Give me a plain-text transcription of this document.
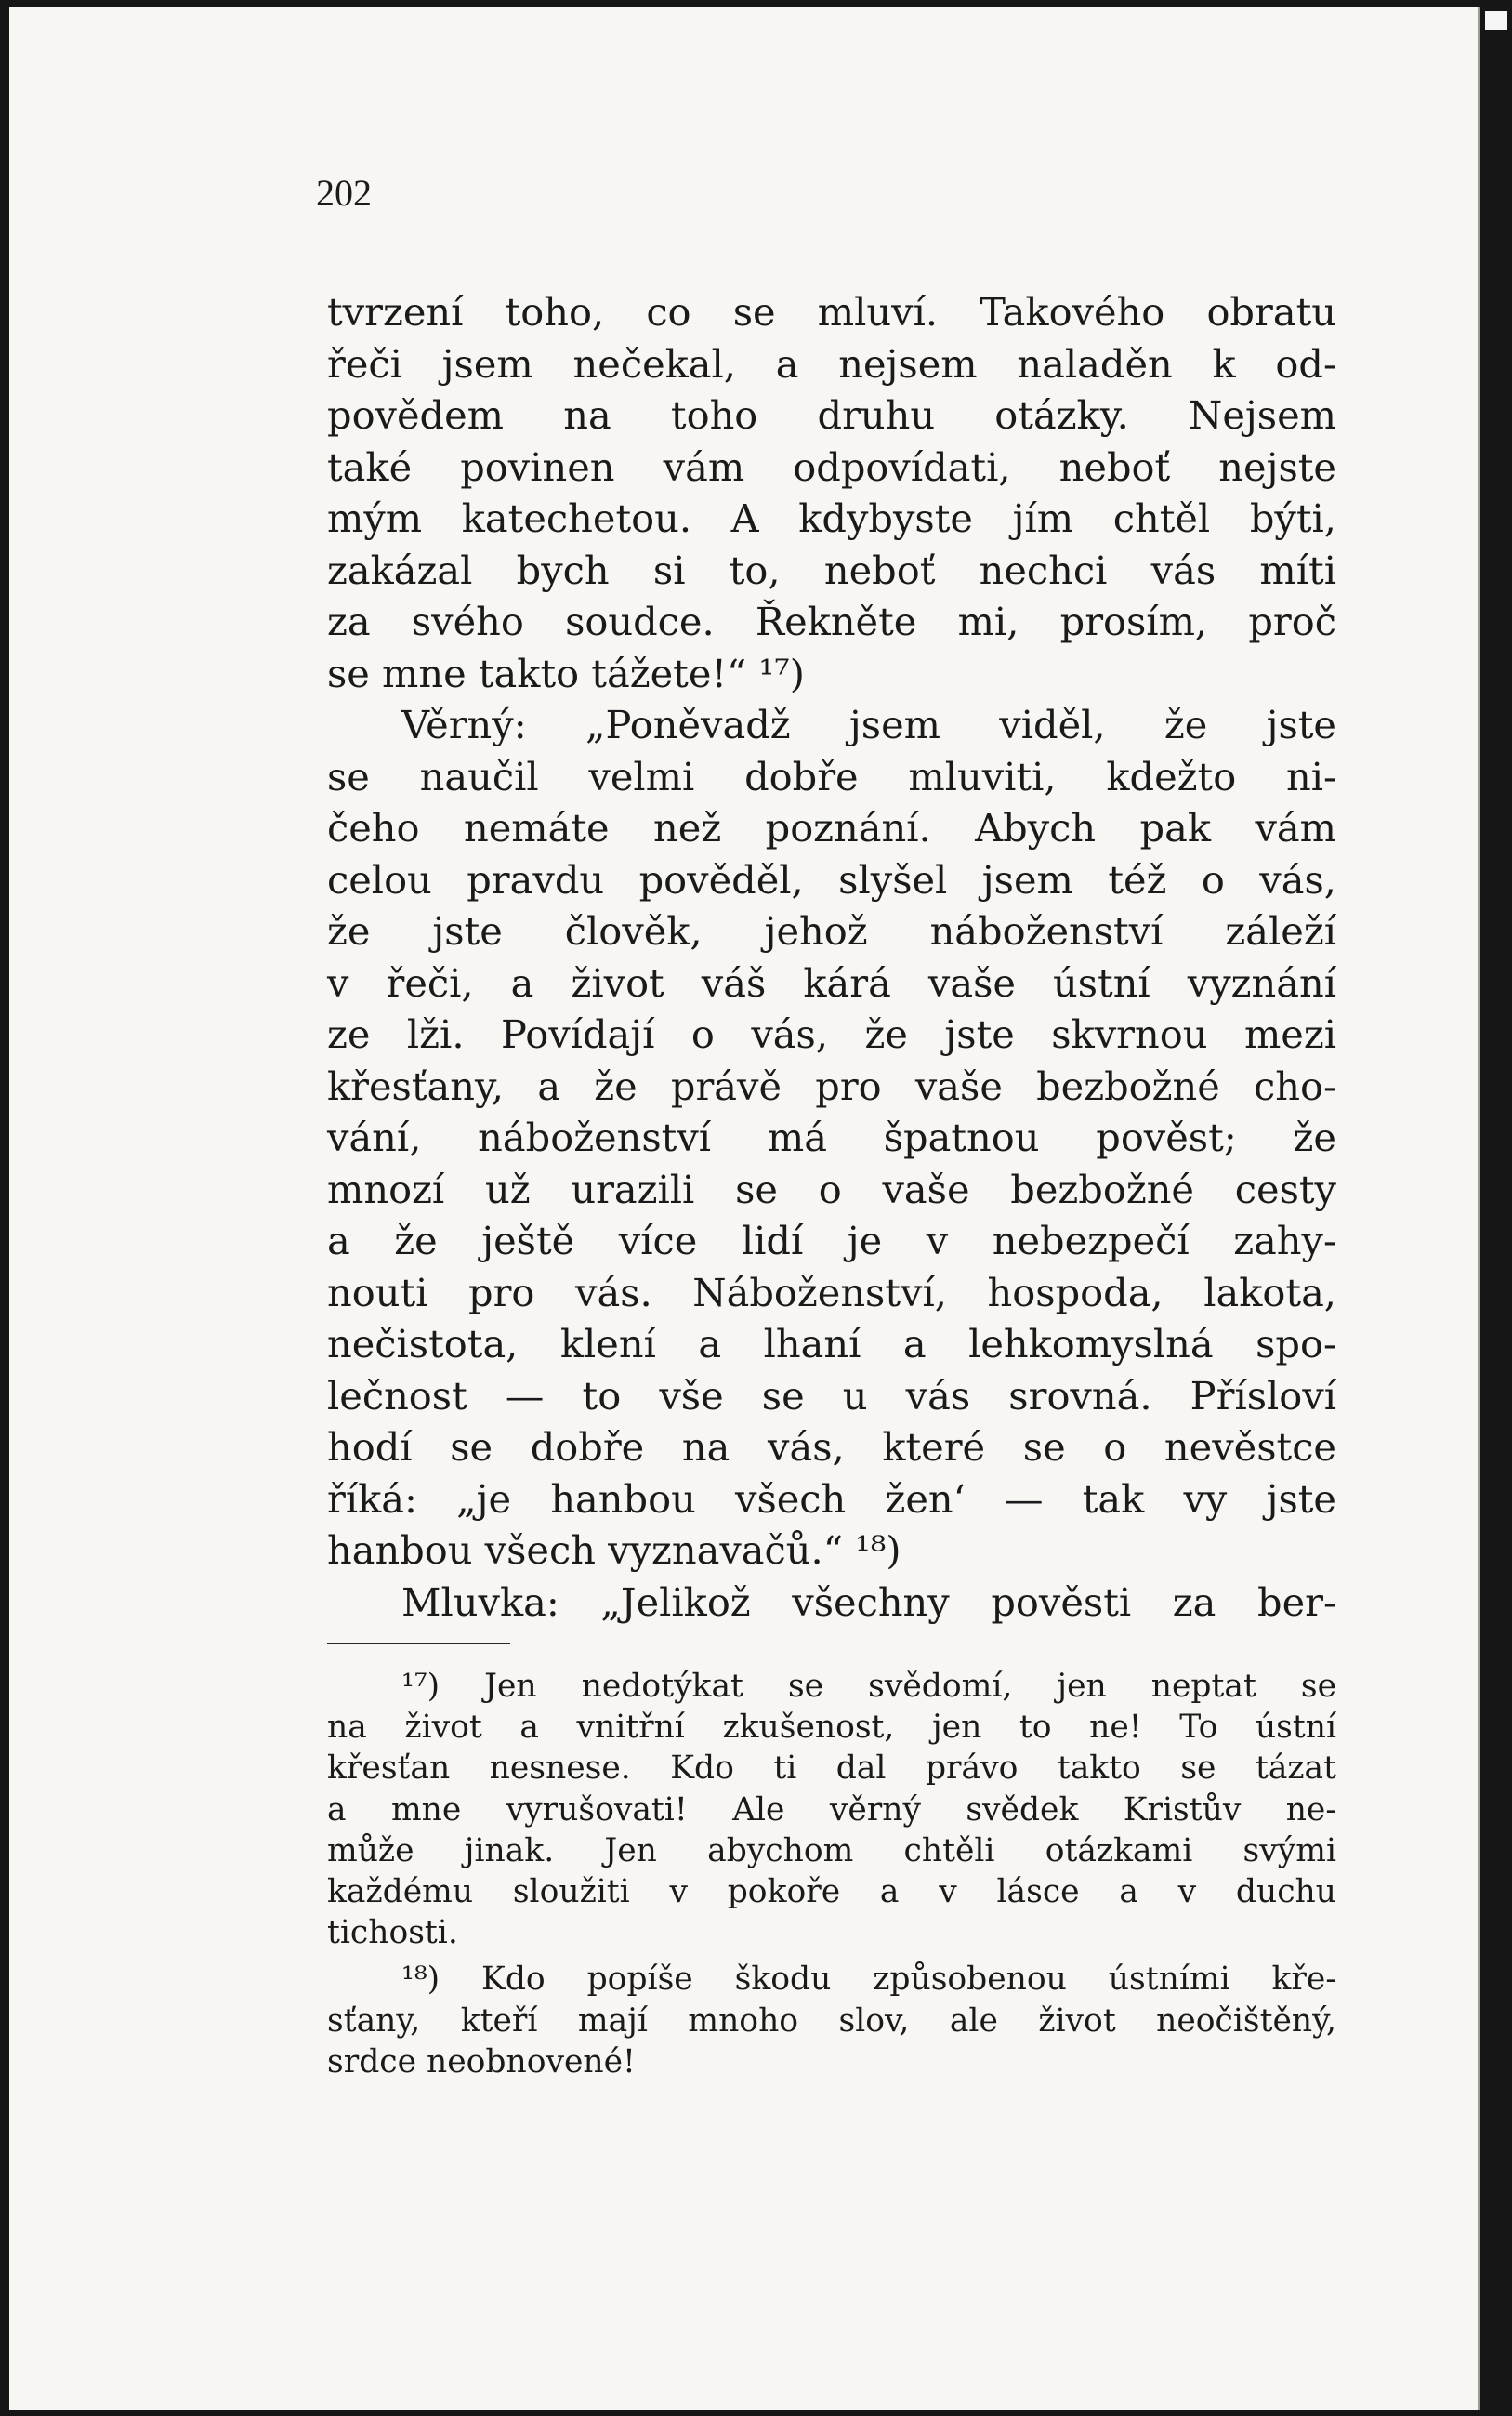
202
tvrzení toho, co se mluví. Takového obratu
řeči jsem nečekal, a nejsem naladěn k od-
povědem na toho druhu otázky. Nejsem
také povinen vám odpovídati, neboť nejste
mým katechetou. A kdybyste jím chtěl býti,
zakázal bych si to, neboť nechci vás míti
za svého soudce. Řekněte mi, prosím, proč
se mne takto tážete!“ ¹⁷)
Věrný: „Poněvadž jsem viděl, že jste
se naučil velmi dobře mluviti, kdežto ni-
čeho nemáte než poznání. Abych pak vám
celou pravdu pověděl, slyšel jsem též o vás,
že jste člověk, jehož náboženství záleží
v řeči, a život váš kárá vaše ústní vyznání
ze lži. Povídají o vás, že jste skvrnou mezi
křesťany, a že právě pro vaše bezbožné cho-
vání, náboženství má špatnou pověst; že
mnozí už urazili se o vaše bezbožné cesty
a že ještě více lidí je v nebezpečí zahy-
nouti pro vás. Náboženství, hospoda, lakota,
nečistota, klení a lhaní a lehkomyslná spo-
lečnost — to vše se u vás srovná. Přísloví
hodí se dobře na vás, které se o nevěstce
říká: „je hanbou všech žen‘ — tak vy jste
hanbou všech vyznavačů.“ ¹⁸)
Mluvka: „Jelikož všechny pověsti za ber-
¹⁷) Jen nedotýkat se svědomí, jen neptat se
na život a vnitřní zkušenost, jen to ne! To ústní
křesťan nesnese. Kdo ti dal právo takto se tázat
a mne vyrušovati! Ale věrný svědek Kristův ne-
může jinak. Jen abychom chtěli otázkami svými
každému sloužiti v pokoře a v lásce a v duchu
tichosti.
¹⁸) Kdo popíše škodu způsobenou ústními kře-
sťany, kteří mají mnoho slov, ale život neočištěný,
srdce neobnovené!
